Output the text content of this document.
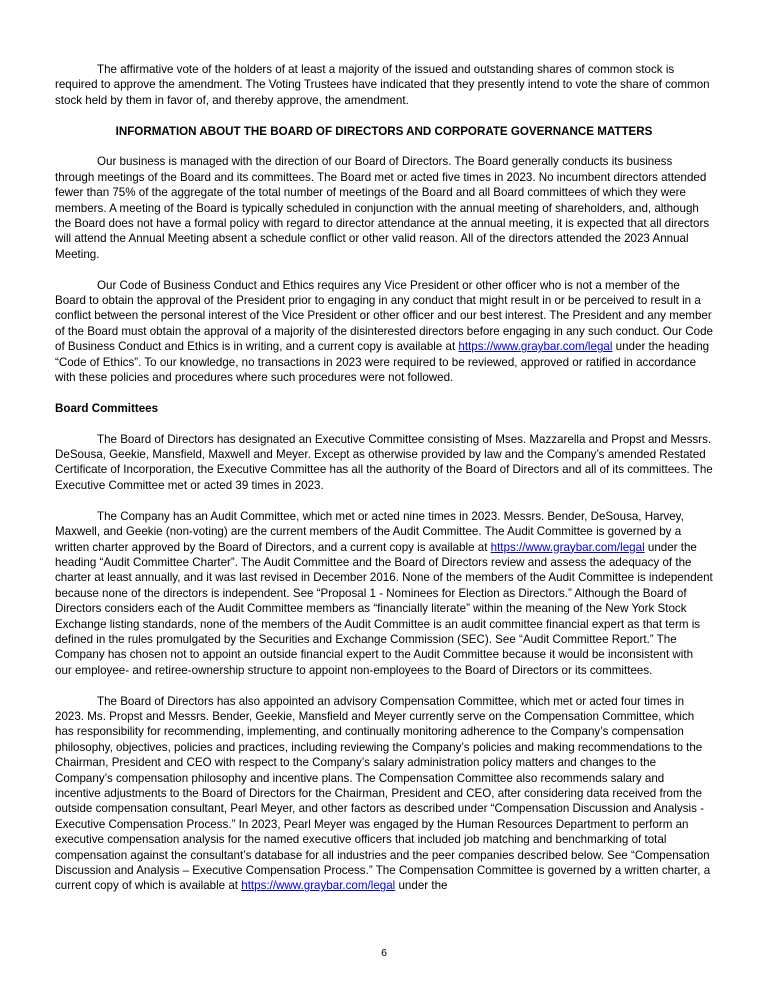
The affirmative vote of the holders of at least a majority of the issued and outstanding shares of common stock is required to approve the amendment. The Voting Trustees have indicated that they presently intend to vote the share of common stock held by them in favor of, and thereby approve, the amendment.

INFORMATION ABOUT THE BOARD OF DIRECTORS AND CORPORATE GOVERNANCE MATTERS

Our business is managed with the direction of our Board of Directors. The Board generally conducts its business through meetings of the Board and its committees. The Board met or acted five times in 2023. No incumbent directors attended fewer than 75% of the aggregate of the total number of meetings of the Board and all Board committees of which they were members. A meeting of the Board is typically scheduled in conjunction with the annual meeting of shareholders, and, although the Board does not have a formal policy with regard to director attendance at the annual meeting, it is expected that all directors will attend the Annual Meeting absent a schedule conflict or other valid reason. All of the directors attended the 2023 Annual Meeting.

Our Code of Business Conduct and Ethics requires any Vice President or other officer who is not a member of the Board to obtain the approval of the President prior to engaging in any conduct that might result in or be perceived to result in a conflict between the personal interest of the Vice President or other officer and our best interest. The President and any member of the Board must obtain the approval of a majority of the disinterested directors before engaging in any such conduct. Our Code of Business Conduct and Ethics is in writing, and a current copy is available at https://www.graybar.com/legal under the heading “Code of Ethics”. To our knowledge, no transactions in 2023 were required to be reviewed, approved or ratified in accordance with these policies and procedures where such procedures were not followed.

Board Committees

The Board of Directors has designated an Executive Committee consisting of Mses. Mazzarella and Propst and Messrs. DeSousa, Geekie, Mansfield, Maxwell and Meyer. Except as otherwise provided by law and the Company’s amended Restated Certificate of Incorporation, the Executive Committee has all the authority of the Board of Directors and all of its committees. The Executive Committee met or acted 39 times in 2023.

The Company has an Audit Committee, which met or acted nine times in 2023. Messrs. Bender, DeSousa, Harvey, Maxwell, and Geekie (non-voting) are the current members of the Audit Committee. The Audit Committee is governed by a written charter approved by the Board of Directors, and a current copy is available at https://www.graybar.com/legal under the heading “Audit Committee Charter”. The Audit Committee and the Board of Directors review and assess the adequacy of the charter at least annually, and it was last revised in December 2016. None of the members of the Audit Committee is independent because none of the directors is independent. See “Proposal 1 - Nominees for Election as Directors.” Although the Board of Directors considers each of the Audit Committee members as “financially literate” within the meaning of the New York Stock Exchange listing standards, none of the members of the Audit Committee is an audit committee financial expert as that term is defined in the rules promulgated by the Securities and Exchange Commission (SEC). See “Audit Committee Report.” The Company has chosen not to appoint an outside financial expert to the Audit Committee because it would be inconsistent with our employee- and retiree-ownership structure to appoint non-employees to the Board of Directors or its committees.

The Board of Directors has also appointed an advisory Compensation Committee, which met or acted four times in 2023. Ms. Propst and Messrs. Bender, Geekie, Mansfield and Meyer currently serve on the Compensation Committee, which has responsibility for recommending, implementing, and continually monitoring adherence to the Company’s compensation philosophy, objectives, policies and practices, including reviewing the Company’s policies and making recommendations to the Chairman, President and CEO with respect to the Company’s salary administration policy matters and changes to the Company’s compensation philosophy and incentive plans. The Compensation Committee also recommends salary and incentive adjustments to the Board of Directors for the Chairman, President and CEO, after considering data received from the outside compensation consultant, Pearl Meyer, and other factors as described under “Compensation Discussion and Analysis - Executive Compensation Process.” In 2023, Pearl Meyer was engaged by the Human Resources Department to perform an executive compensation analysis for the named executive officers that included job matching and benchmarking of total compensation against the consultant’s database for all industries and the peer companies described below. See “Compensation Discussion and Analysis – Executive Compensation Process.” The Compensation Committee is governed by a written charter, a current copy of which is available at https://www.graybar.com/legal under the

6
